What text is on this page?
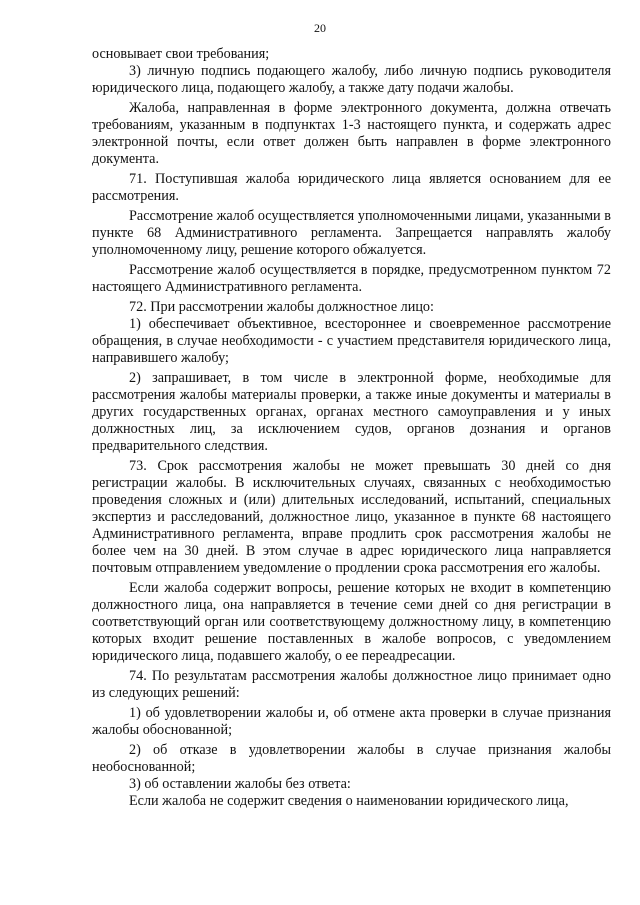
20

основывает свои требования;

3) личную подпись подающего жалобу, либо личную подпись руководителя юридического лица, подающего жалобу, а также дату подачи жалобы.

Жалоба, направленная в форме электронного документа, должна отвечать требованиям, указанным в подпунктах 1-3 настоящего пункта, и содержать адрес электронной почты, если ответ должен быть направлен в форме электронного документа.

71. Поступившая жалоба юридического лица является основанием для ее рассмотрения.

Рассмотрение жалоб осуществляется уполномоченными лицами, указанными в пункте 68 Административного регламента. Запрещается направлять жалобу уполномоченному лицу, решение которого обжалуется.

Рассмотрение жалоб осуществляется в порядке, предусмотренном пунктом 72 настоящего Административного регламента.

72. При рассмотрении жалобы должностное лицо:

1) обеспечивает объективное, всестороннее и своевременное рассмотрение обращения, в случае необходимости - с участием представителя юридического лица, направившего жалобу;

2) запрашивает, в том числе в электронной форме, необходимые для рассмотрения жалобы материалы проверки, а также иные документы и материалы в других государственных органах, органах местного самоуправления и у иных должностных лиц, за исключением судов, органов дознания и органов предварительного следствия.

73. Срок рассмотрения жалобы не может превышать 30 дней со дня регистрации жалобы. В исключительных случаях, связанных с необходимостью проведения сложных и (или) длительных исследований, испытаний, специальных экспертиз и расследований, должностное лицо, указанное в пункте 68 настоящего Административного регламента, вправе продлить срок рассмотрения жалобы не более чем на 30 дней. В этом случае в адрес юридического лица направляется почтовым отправлением уведомление о продлении срока рассмотрения его жалобы.

Если жалоба содержит вопросы, решение которых не входит в компетенцию должностного лица, она направляется в течение семи дней со дня регистрации в соответствующий орган или соответствующему должностному лицу, в компетенцию которых входит решение поставленных в жалобе вопросов, с уведомлением юридического лица, подавшего жалобу, о ее переадресации.

74. По результатам рассмотрения жалобы должностное лицо принимает одно из следующих решений:

1) об удовлетворении жалобы и, об отмене акта проверки в случае признания жалобы обоснованной;

2) об отказе в удовлетворении жалобы в случае признания жалобы необоснованной;

3) об оставлении жалобы без ответа:

Если жалоба не содержит сведения о наименовании юридического лица,
